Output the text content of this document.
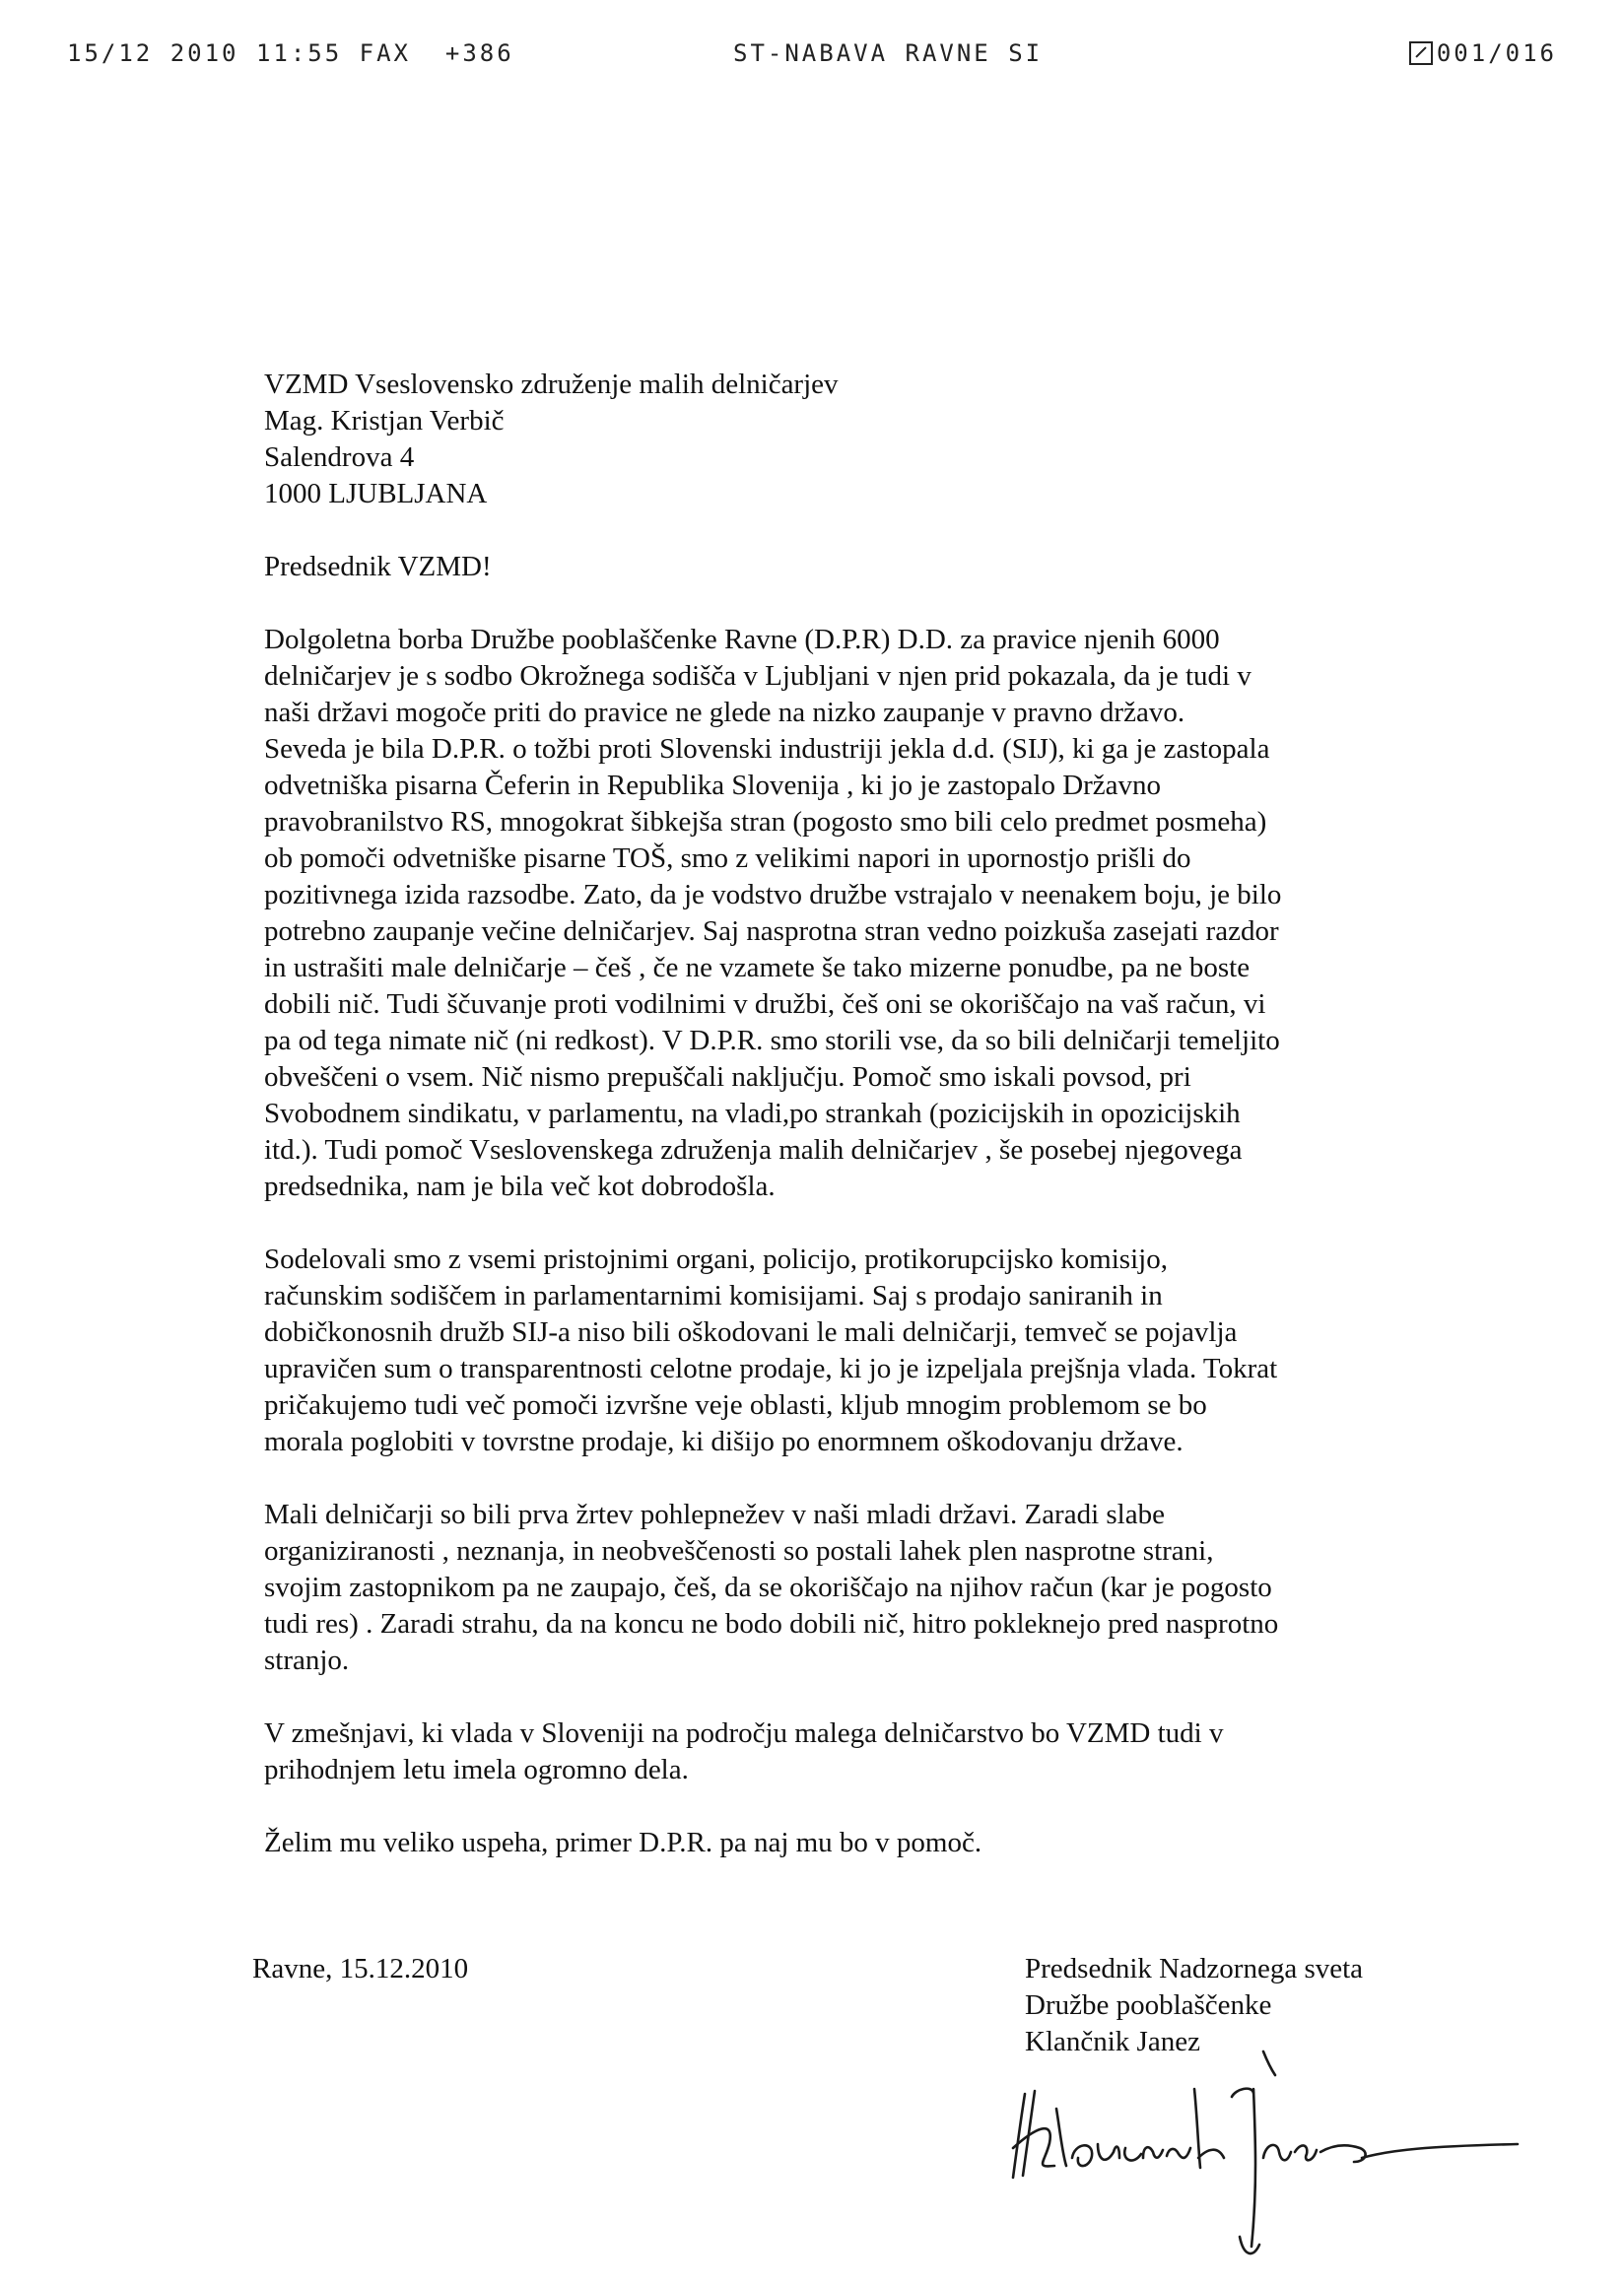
15/12 2010 11:55 FAX  +386	ST-NABAVA RAVNE SI	001/016
VZMD Vseslovensko združenje malih delničarjev
Mag. Kristjan Verbič
Salendrova 4
1000 LJUBLJANA
Predsednik VZMD!
Dolgoletna borba Družbe pooblaščenke Ravne (D.P.R) D.D. za pravice njenih 6000
delničarjev je s sodbo Okrožnega sodišča v Ljubljani v njen prid pokazala, da je tudi v
naši državi mogoče priti do pravice ne glede na nizko zaupanje v pravno državo.
Seveda je bila D.P.R. o tožbi proti Slovenski industriji jekla d.d. (SIJ), ki ga je zastopala
odvetniška pisarna Čeferin in Republika Slovenija , ki jo je zastopalo Državno
pravobranilstvo RS, mnogokrat šibkejša stran (pogosto smo bili celo predmet posmeha)
ob pomoči odvetniške pisarne TOŠ, smo z velikimi napori in upornostjo prišli do
pozitivnega izida razsodbe. Zato, da je vodstvo družbe vstrajalo v neenakem boju, je bilo
potrebno zaupanje večine delničarjev. Saj nasprotna stran vedno poizkuša zasejati razdor
in ustrašiti male delničarje – češ , če ne vzamete še tako mizerne ponudbe, pa ne boste
dobili nič. Tudi ščuvanje proti vodilnimi v družbi, češ oni se okoriščajo na vaš račun, vi
pa od tega nimate nič (ni redkost). V D.P.R. smo storili vse, da so bili delničarji temeljito
obveščeni o vsem. Nič nismo prepuščali naključju. Pomoč smo iskali povsod, pri
Svobodnem sindikatu, v parlamentu, na vladi,po strankah (pozicijskih in opozicijskih
itd.). Tudi pomoč Vseslovenskega združenja malih delničarjev , še posebej njegovega
predsednika, nam je bila več kot dobrodošla.
Sodelovali smo z vsemi pristojnimi organi, policijo, protikorupcijsko komisijo,
računskim sodiščem in parlamentarnimi komisijami. Saj s prodajo saniranih in
dobičkonosnih družb SIJ-a niso bili oškodovani le mali delničarji, temveč se pojavlja
upravičen sum o transparentnosti celotne prodaje, ki jo je izpeljala prejšnja vlada. Tokrat
pričakujemo tudi več pomoči izvršne veje oblasti, kljub mnogim problemom se bo
morala poglobiti v tovrstne prodaje, ki dišijo po enormnem oškodovanju države.
Mali delničarji so bili prva žrtev pohlepnežev v naši mladi državi. Zaradi slabe
organiziranosti , neznanja, in neobveščenosti so postali lahek plen nasprotne strani,
svojim zastopnikom pa ne zaupajo, češ, da se okoriščajo na njihov račun (kar je pogosto
tudi res) . Zaradi strahu, da na koncu ne bodo dobili nič, hitro pokleknejo pred nasprotno
stranjo.
V zmešnjavi, ki vlada v Sloveniji na področju malega delničarstvo bo VZMD tudi v
prihodnjem letu imela ogromno dela.
Želim mu veliko uspeha, primer D.P.R. pa naj mu bo v pomoč.
Ravne, 15.12.2010	Predsednik Nadzornega sveta
Družbe pooblaščenke
Klančnik Janez
